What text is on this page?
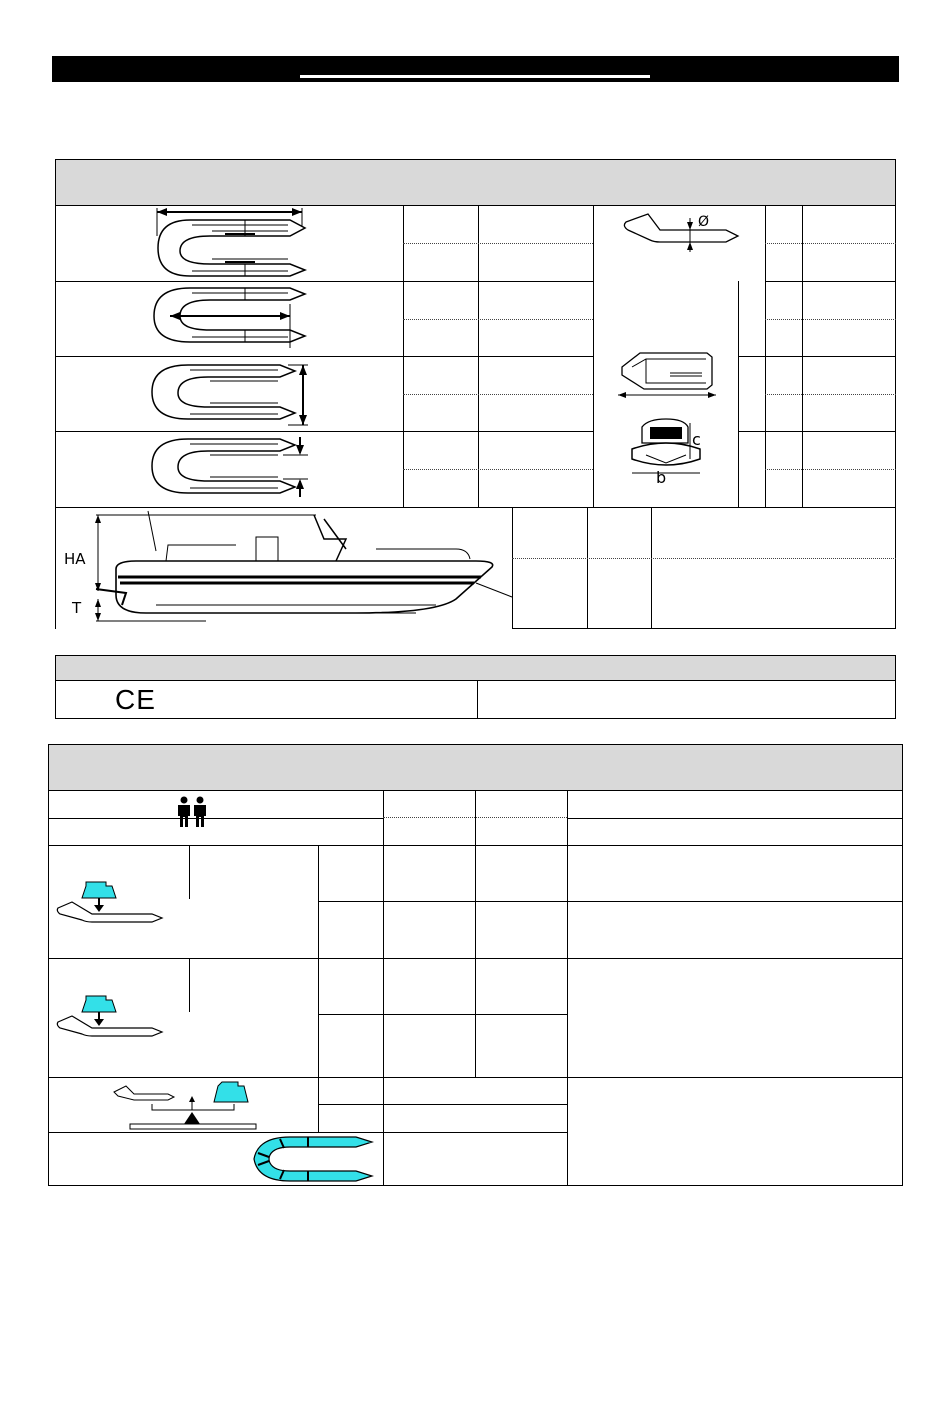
Ø
c
b
HA
T
CE
